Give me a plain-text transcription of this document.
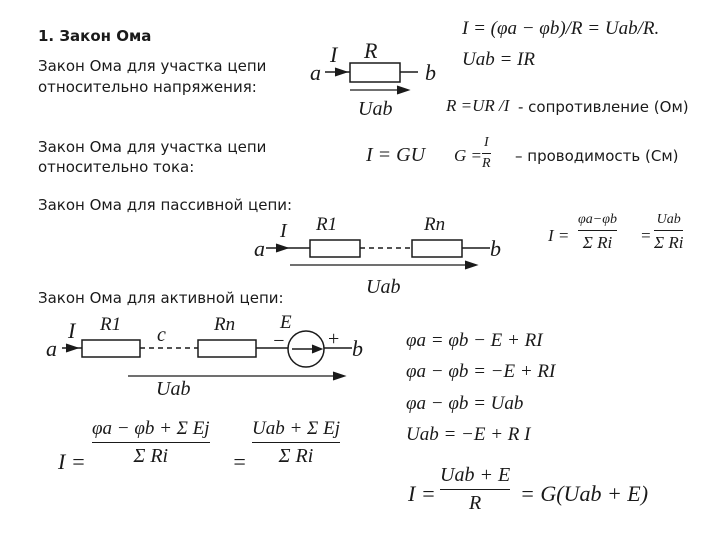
1. Закон Ома
Закон Ома для участка цепи
относительно напряжения:
I = (φa − φb)/R = Uab/R.
Uab = IR
R =UR /I - сопротивление (Ом)
a	b
I R
Uab
Закон Ома для участка цепи
относительно тока:
I = GU G =
I
R – проводимость (См)
Закон Ома для пассивной цепи:
a	b
I R1	Rn
Uab
I =
φa−φb
Σ Ri =
Uab
Σ Ri
Закон Ома для активной цепи:
a	b
c
I R1	Rn E
− +
Uab
φa = φb − E + RI
φa − φb = −E + RI
φa − φb = Uab
Uab = −E + R I
I =
φa − φb + Σ Ej
Σ Ri	=
Uab + Σ Ej
Σ Ri
I =
Uab + E
R = G(Uab + E)
